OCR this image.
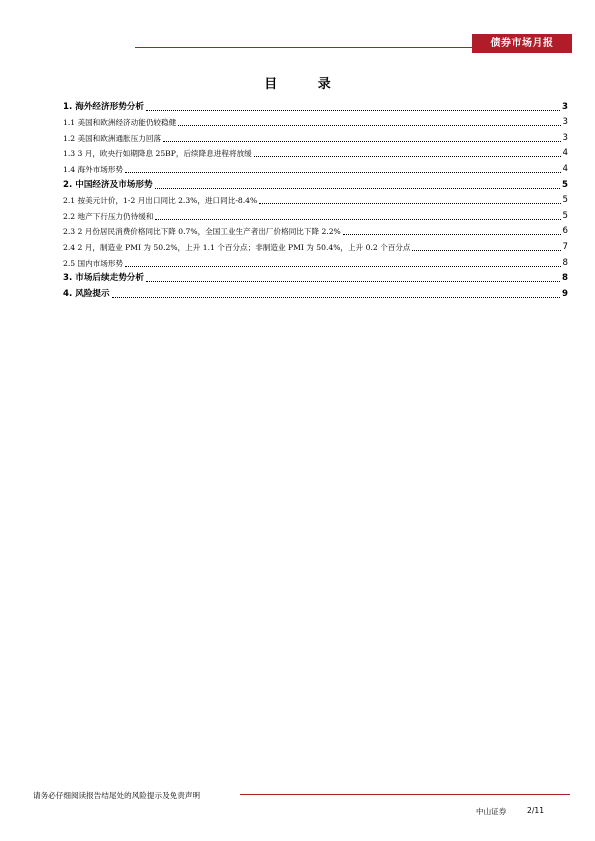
债券市场月报
目 录
1. 海外经济形势分析	3
1.1 美国和欧洲经济动能仍较稳健	3
1.2 美国和欧洲通胀压力回落	3
1.3 3 月，欧央行如期降息 25BP，后续降息进程将放缓	4
1.4 海外市场形势	4
2. 中国经济及市场形势	5
2.1 按美元计价，1-2 月出口同比 2.3%，进口同比-8.4%	5
2.2 地产下行压力仍待缓和	5
2.3 2 月份居民消费价格同比下降 0.7%，全国工业生产者出厂价格同比下降 2.2%	6
2.4 2 月，制造业 PMI 为 50.2%，上升 1.1 个百分点；非制造业 PMI 为 50.4%，上升 0.2 个百分点	7
2.5 国内市场形势	8
3. 市场后续走势分析	8
4. 风险提示	9
请务必仔细阅读报告结尾处的风险提示及免责声明
中山证券	2/11
